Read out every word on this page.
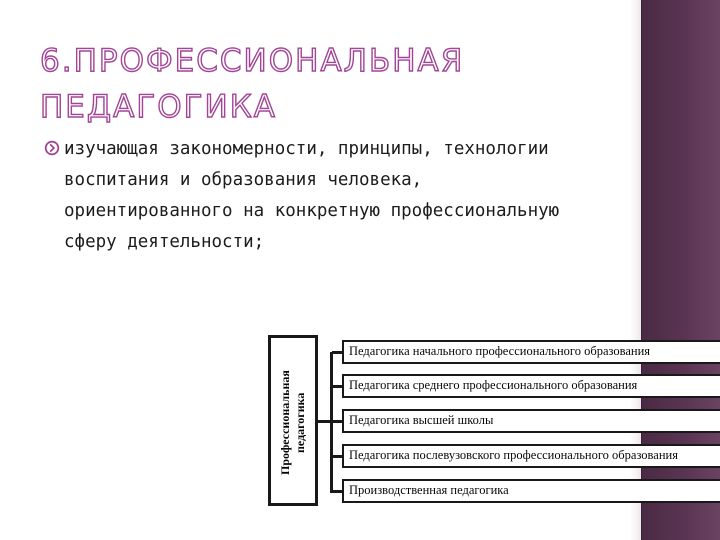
6.ПРОФЕССИОНАЛЬНАЯ
ПЕДАГОГИКА

изучающая закономерности, принципы, технологии воспитания и образования человека, ориентированного на конкретную профессиональную сферу деятельности;

Профессиональная педагогика
Педагогика начального профессионального образования
Педагогика среднего профессионального образования
Педагогика высшей школы
Педагогика послевузовского профессионального образования
Производственная педагогика
